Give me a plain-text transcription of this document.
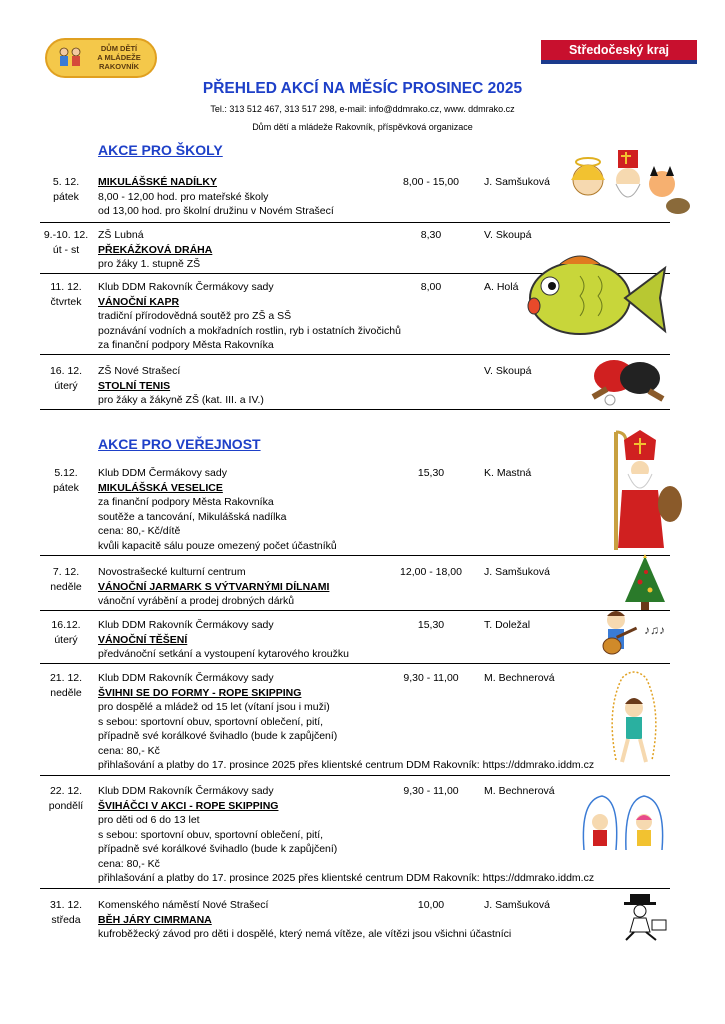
DŮM DĚTÍ
A MLÁDEŽE
RAKOVNÍK
Středočeský kraj
PŘEHLED AKCÍ NA MĚSÍC PROSINEC 2025
Tel.: 313 512 467, 313 517 298, e-mail: info@ddmrako.cz, www. ddmrako.cz
Dům dětí a mládeže Rakovník, příspěvková organizace
AKCE PRO ŠKOLY
5. 12.
pátek
MIKULÁŠSKÉ NADÍLKY
8,00 - 12,00 hod. pro mateřské školy
od 13,00 hod. pro školní družinu v Novém Strašecí
8,00 - 15,00	J. Samšuková
9.-10. 12.
út - st
ZŠ Lubná
PŘEKÁŽKOVÁ DRÁHA
pro žáky 1. stupně ZŠ
8,30	V. Skoupá
11. 12.
čtvrtek
Klub DDM Rakovník Čermákovy sady
VÁNOČNÍ KAPR
tradiční přírodovědná soutěž pro ZŠ a SŠ
poznávání vodních a mokřadních rostlin, ryb i ostatních živočichů
za finanční podpory Města Rakovníka
8,00	A. Holá
16. 12.
úterý
ZŠ Nové Strašecí
STOLNÍ TENIS
pro žáky a žákyně ZŠ (kat. III. a IV.)
V. Skoupá
AKCE PRO VEŘEJNOST
5.12.
pátek
Klub DDM Čermákovy sady
MIKULÁŠSKÁ VESELICE
za finanční podpory Města Rakovníka
soutěže a tancování, Mikulášská nadílka
cena: 80,- Kč/dítě
kvůli kapacitě sálu pouze omezený počet účastníků
15,30	K. Mastná
7. 12.
neděle
Novostrašecké kulturní centrum
VÁNOČNÍ JARMARK S VÝTVARNÝMI DÍLNAMI
vánoční vyrábění a prodej drobných dárků
12,00 - 18,00	J. Samšuková
16.12.
úterý
Klub DDM Rakovník Čermákovy sady
VÁNOČNÍ TĚŠENÍ
předvánoční setkání a vystoupení kytarového kroužku
15,30	T. Doležal
21. 12.
neděle
Klub DDM Rakovník Čermákovy sady
ŠVIHNI SE DO FORMY - ROPE SKIPPING
pro dospělé a mládež od 15 let (vítaní jsou i muži)
s sebou: sportovní obuv, sportovní oblečení, pití,
případně své korálkové švihadlo (bude k zapůjčení)
cena: 80,- Kč
přihlašování a platby do 17. prosince 2025 přes klientské centrum DDM Rakovník: https://ddmrako.iddm.cz
9,30 - 11,00	M. Bechnerová
22. 12.
pondělí
Klub DDM Rakovník Čermákovy sady
ŠVIHÁČCI V AKCI - ROPE SKIPPING
pro děti od 6 do 13 let
s sebou: sportovní obuv, sportovní oblečení, pití,
případně své korálkové švihadlo (bude k zapůjčení)
cena: 80,- Kč
přihlašování a platby do 17. prosince 2025 přes klientské centrum DDM Rakovník: https://ddmrako.iddm.cz
9,30 - 11,00	M. Bechnerová
31. 12.
středa
Komenského náměstí Nové Strašecí
BĚH JÁRY CIMRMANA
kufroběžecký závod pro děti i dospělé, který nemá vítěze, ale vítězi jsou všichni účastníci
10,00	J. Samšuková
♪♫♪
